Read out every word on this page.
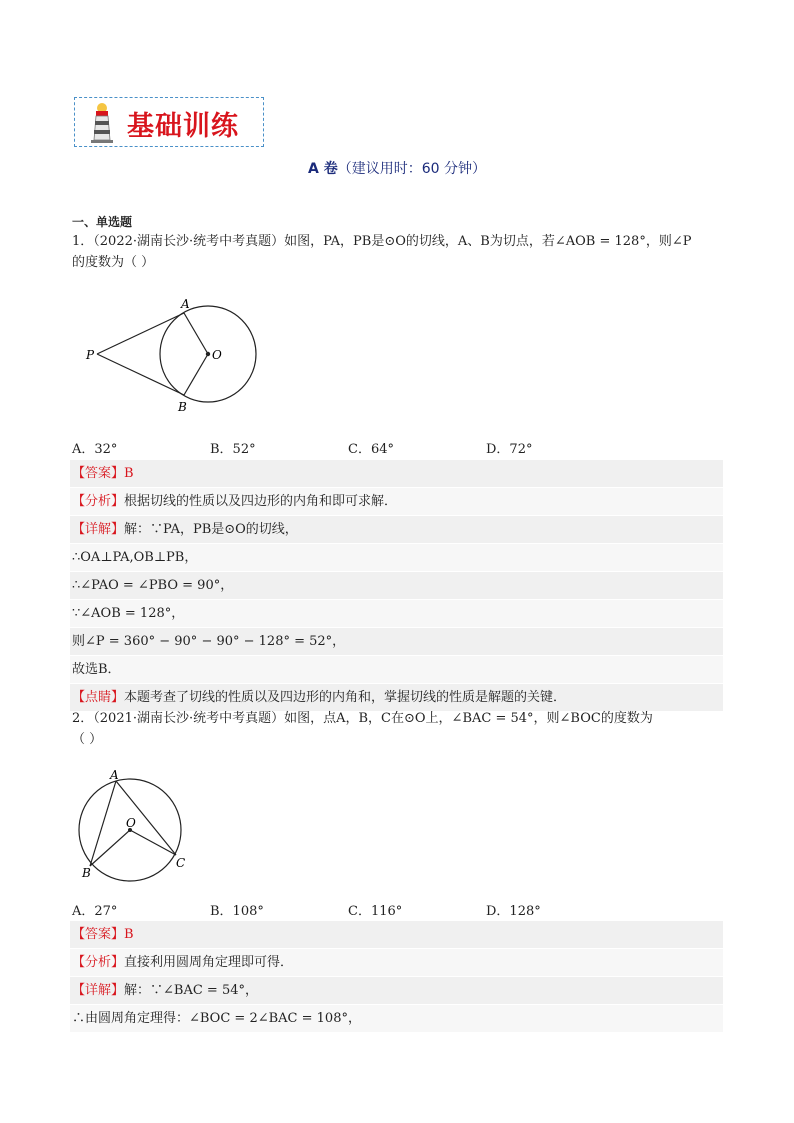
基础训练
A 卷（建议用时：60 分钟）
一、单选题
1．（2022·湖南长沙·统考中考真题）如图，PA，PB是⊙O的切线，A、B为切点，若∠AOB = 128°，则∠P
的度数为（ ）
A
B
O
P
A．32°	B．52°	C．64°	D．72°
【答案】B
【分析】根据切线的性质以及四边形的内角和即可求解．
【详解】解：∵PA，PB是⊙O的切线，
∴OA⊥PA,OB⊥PB，
∴∠PAO = ∠PBO = 90°，
∵∠AOB = 128°，
则∠P = 360° − 90° − 90° − 128° = 52°，
故选B．
【点睛】本题考查了切线的性质以及四边形的内角和，掌握切线的性质是解题的关键．
2．（2021·湖南长沙·统考中考真题）如图，点A，B，C在⊙O上，∠BAC = 54°，则∠BOC的度数为
（ ）
A
B
C
O
A．27°	B．108°	C．116°	D．128°
【答案】B
【分析】直接利用圆周角定理即可得．
【详解】解：∵∠BAC = 54°，
∴由圆周角定理得：∠BOC = 2∠BAC = 108°，
